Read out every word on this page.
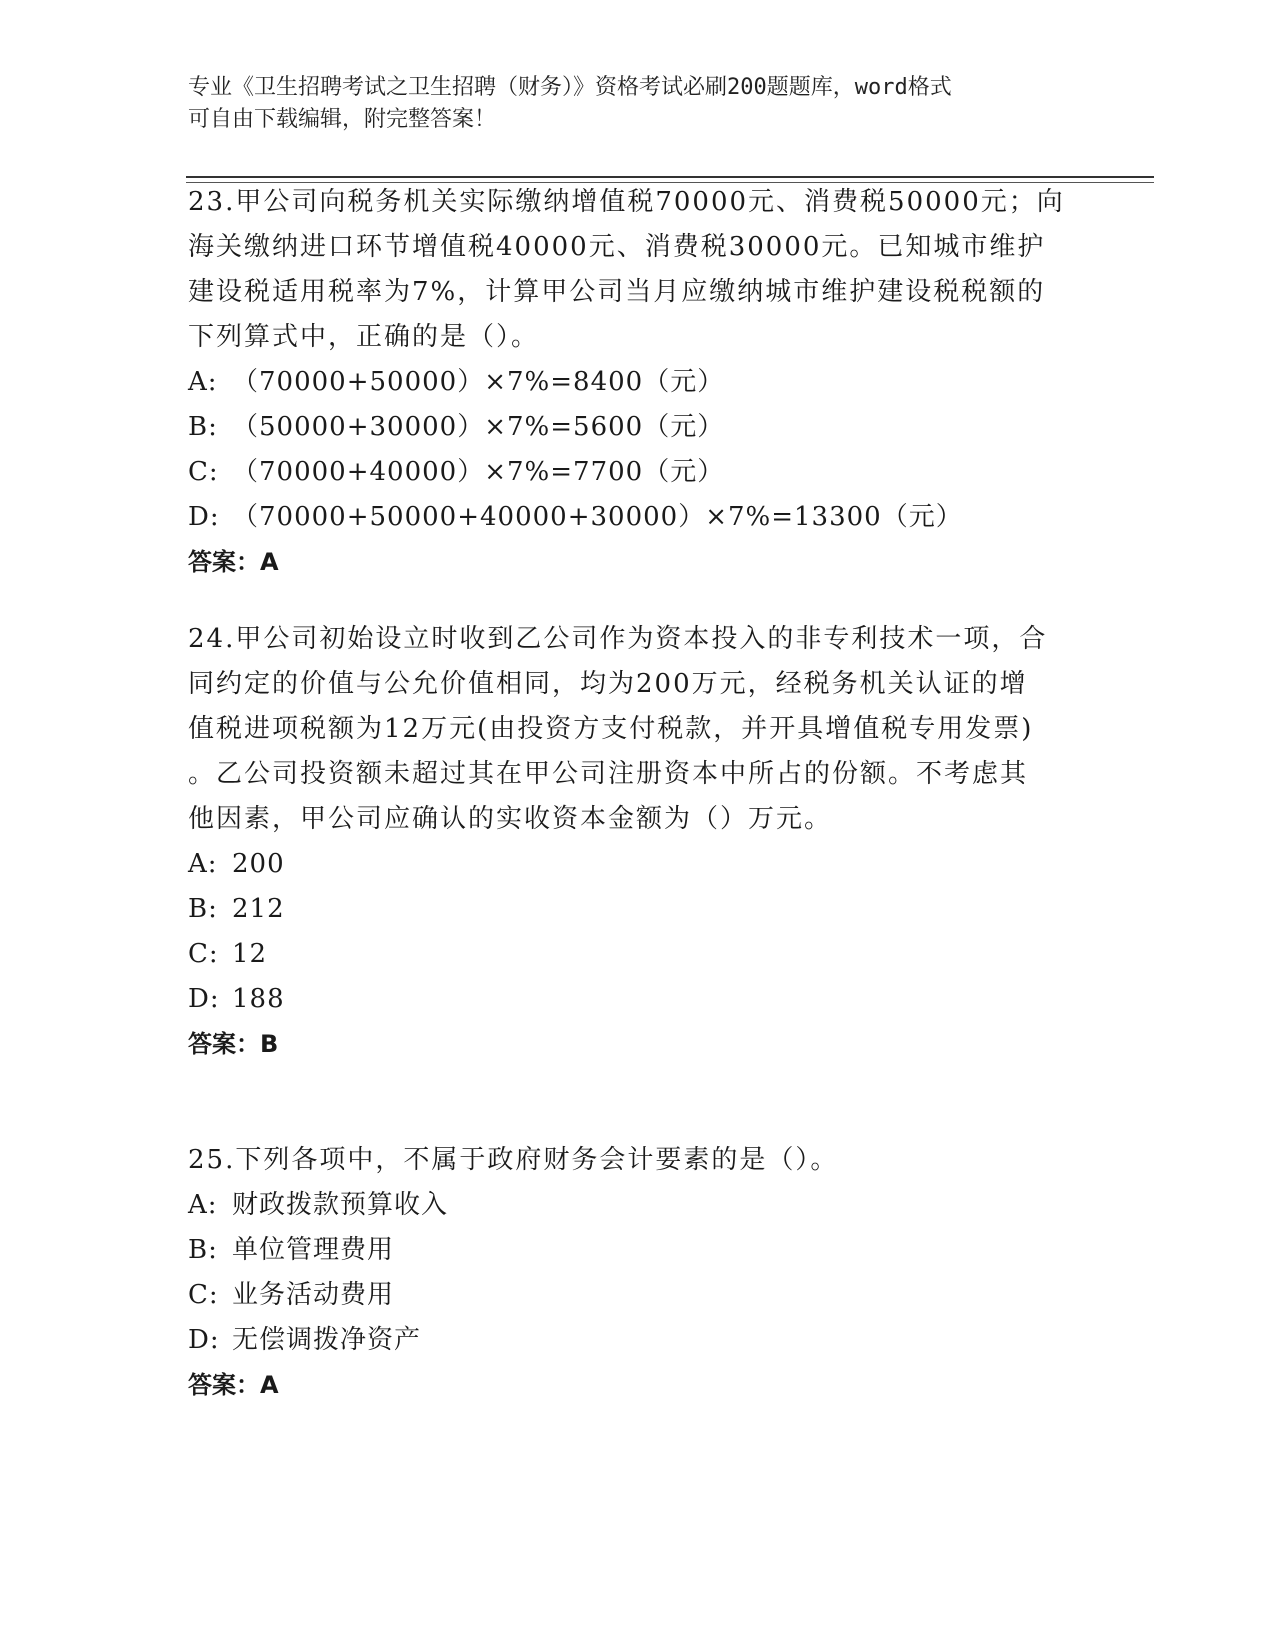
专业《卫生招聘考试之卫生招聘（财务）》资格考试必刷200题题库，word格式
可自由下载编辑，附完整答案！
23.甲公司向税务机关实际缴纳增值税70000元、消费税50000元；向
海关缴纳进口环节增值税40000元、消费税30000元。已知城市维护
建设税适用税率为7%，计算甲公司当月应缴纳城市维护建设税税额的
下列算式中，正确的是（）。
A: （70000+50000）×7%=8400（元）
B: （50000+30000）×7%=5600（元）
C: （70000+40000）×7%=7700（元）
D: （70000+50000+40000+30000）×7%=13300（元）
答案：A
24.甲公司初始设立时收到乙公司作为资本投入的非专利技术一项，合
同约定的价值与公允价值相同，均为200万元，经税务机关认证的增
值税进项税额为12万元(由投资方支付税款，并开具增值税专用发票)
。乙公司投资额未超过其在甲公司注册资本中所占的份额。不考虑其
他因素，甲公司应确认的实收资本金额为（）万元。
A: 200
B: 212
C: 12
D: 188
答案：B
25.下列各项中，不属于政府财务会计要素的是（）。
A: 财政拨款预算收入
B: 单位管理费用
C: 业务活动费用
D: 无偿调拨净资产
答案：A
